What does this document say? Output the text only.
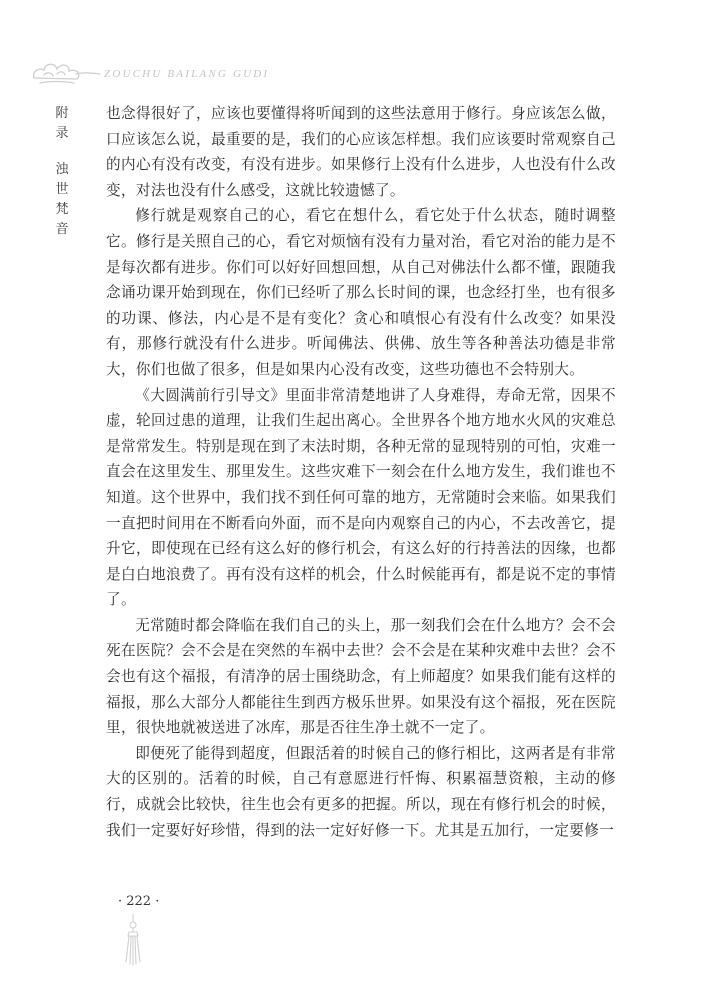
ZOUCHU BAILANG GUDI
附
录
浊
世
梵
音

也念得很好了，应该也要懂得将听闻到的这些法意用于修行。身应该怎么做，口应该怎么说，最重要的是，我们的心应该怎样想。我们应该要时常观察自己的内心有没有改变，有没有进步。如果修行上没有什么进步，人也没有什么改变，对法也没有什么感受，这就比较遗憾了。

修行就是观察自己的心，看它在想什么，看它处于什么状态，随时调整它。修行是关照自己的心，看它对烦恼有没有力量对治，看它对治的能力是不是每次都有进步。你们可以好好回想回想，从自己对佛法什么都不懂，跟随我念诵功课开始到现在，你们已经听了那么长时间的课，也念经打坐，也有很多的功课、修法，内心是不是有变化？贪心和嗔恨心有没有什么改变？如果没有，那修行就没有什么进步。听闻佛法、供佛、放生等各种善法功德是非常大，你们也做了很多，但是如果内心没有改变，这些功德也不会特别大。

《大圆满前行引导文》里面非常清楚地讲了人身难得，寿命无常，因果不虚，轮回过患的道理，让我们生起出离心。全世界各个地方地水火风的灾难总是常常发生。特别是现在到了末法时期，各种无常的显现特别的可怕，灾难一直会在这里发生、那里发生。这些灾难下一刻会在什么地方发生，我们谁也不知道。这个世界中，我们找不到任何可靠的地方，无常随时会来临。如果我们一直把时间用在不断看向外面，而不是向内观察自己的内心，不去改善它，提升它，即使现在已经有这么好的修行机会，有这么好的行持善法的因缘，也都是白白地浪费了。再有没有这样的机会，什么时候能再有，都是说不定的事情了。

无常随时都会降临在我们自己的头上，那一刻我们会在什么地方？会不会死在医院？会不会是在突然的车祸中去世？会不会是在某种灾难中去世？会不会也有这个福报，有清净的居士围绕助念，有上师超度？如果我们能有这样的福报，那么大部分人都能往生到西方极乐世界。如果没有这个福报，死在医院里，很快地就被送进了冰库，那是否往生净土就不一定了。

即便死了能得到超度，但跟活着的时候自己的修行相比，这两者是有非常大的区别的。活着的时候，自己有意愿进行忏悔、积累福慧资粮，主动的修行，成就会比较快，往生也会有更多的把握。所以，现在有修行机会的时候，我们一定要好好珍惜，得到的法一定好好修一下。尤其是五加行，一定要修一

· 222 ·
